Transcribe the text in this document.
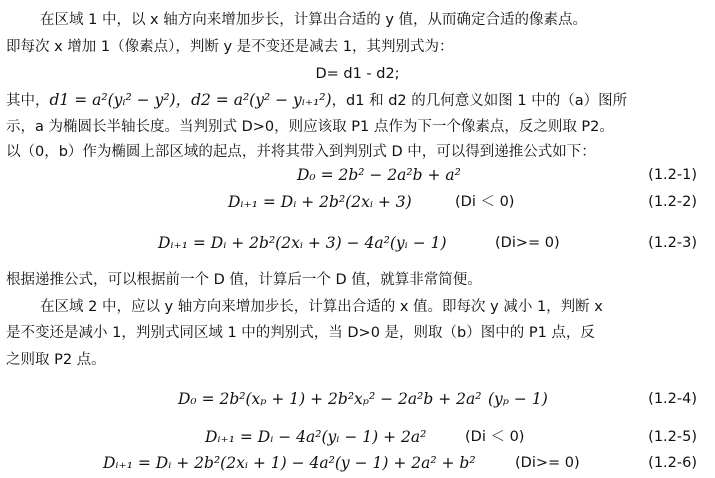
在区域 1 中，以 x 轴方向来增加步长，计算出合适的 y 值，从而确定合适的像素点。
即每次 x 增加 1（像素点），判断 y 是不变还是减去 1，其判别式为：
D= d1 - d2;
其中，d1 = a²(yᵢ² − y²)，d2 = a²(y² − yᵢ₊₁²)，d1 和 d2 的几何意义如图 1 中的（a）图所
示，a 为椭圆长半轴长度。当判别式 D>0，则应该取 P1 点作为下一个像素点，反之则取 P2。
以（0，b）作为椭圆上部区域的起点，并将其带入到判别式 D 中，可以得到递推公式如下：
D₀ = 2b² − 2a²b + a²	(1.2-1)
Dᵢ₊₁ = Dᵢ + 2b²(2xᵢ + 3)	(Di ＜ 0)	(1.2-2)
Dᵢ₊₁ = Dᵢ + 2b²(2xᵢ + 3) − 4a²(yᵢ − 1)	(Di>= 0)	(1.2-3)
根据递推公式，可以根据前一个 D 值，计算后一个 D 值，就算非常简便。
在区域 2 中，应以 y 轴方向来增加步长，计算出合适的 x 值。即每次 y 减小 1，判断 x
是不变还是减小 1，判别式同区域 1 中的判别式，当 D>0 是，则取（b）图中的 P1 点，反
之则取 P2 点。
D₀ = 2b²(xₚ + 1) + 2b²xₚ² − 2a²b + 2a² (yₚ − 1)	(1.2-4)
Dᵢ₊₁ = Dᵢ − 4a²(yᵢ − 1) + 2a²	(Di ＜ 0)	(1.2-5)
Dᵢ₊₁ = Dᵢ + 2b²(2xᵢ + 1) − 4a²(y − 1) + 2a² + b²	(Di>= 0)	(1.2-6)
